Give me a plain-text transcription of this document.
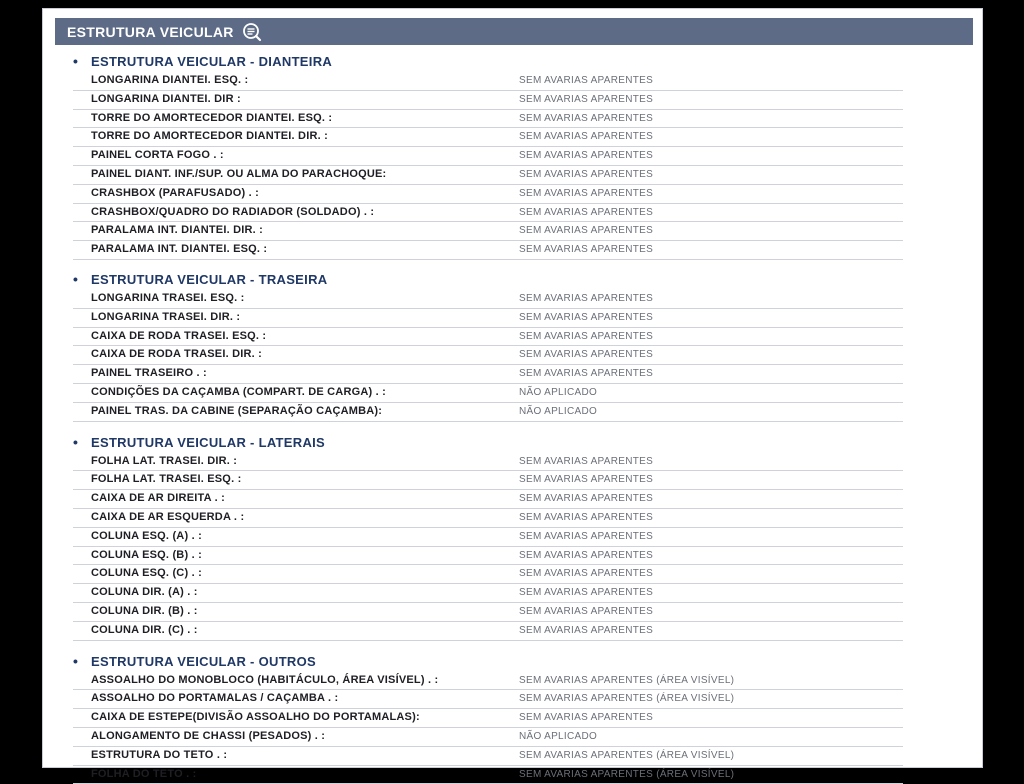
ESTRUTURA VEICULAR
• ESTRUTURA VEICULAR - DIANTEIRA
LONGARINA DIANTEI. ESQ. :	SEM AVARIAS APARENTES
LONGARINA DIANTEI. DIR :	SEM AVARIAS APARENTES
TORRE DO AMORTECEDOR DIANTEI. ESQ. :	SEM AVARIAS APARENTES
TORRE DO AMORTECEDOR DIANTEI. DIR. :	SEM AVARIAS APARENTES
PAINEL CORTA FOGO . :	SEM AVARIAS APARENTES
PAINEL DIANT. INF./SUP. OU ALMA DO PARACHOQUE:	SEM AVARIAS APARENTES
CRASHBOX (PARAFUSADO) . :	SEM AVARIAS APARENTES
CRASHBOX/QUADRO DO RADIADOR (SOLDADO) . :	SEM AVARIAS APARENTES
PARALAMA INT. DIANTEI. DIR. :	SEM AVARIAS APARENTES
PARALAMA INT. DIANTEI. ESQ. :	SEM AVARIAS APARENTES
• ESTRUTURA VEICULAR - TRASEIRA
LONGARINA TRASEI. ESQ. :	SEM AVARIAS APARENTES
LONGARINA TRASEI. DIR. :	SEM AVARIAS APARENTES
CAIXA DE RODA TRASEI. ESQ. :	SEM AVARIAS APARENTES
CAIXA DE RODA TRASEI. DIR. :	SEM AVARIAS APARENTES
PAINEL TRASEIRO . :	SEM AVARIAS APARENTES
CONDIÇÕES DA CAÇAMBA (COMPART. DE CARGA) . :	NÃO APLICADO
PAINEL TRAS. DA CABINE (SEPARAÇÃO CAÇAMBA):	NÃO APLICADO
• ESTRUTURA VEICULAR - LATERAIS
FOLHA LAT. TRASEI. DIR. :	SEM AVARIAS APARENTES
FOLHA LAT. TRASEI. ESQ. :	SEM AVARIAS APARENTES
CAIXA DE AR DIREITA . :	SEM AVARIAS APARENTES
CAIXA DE AR ESQUERDA . :	SEM AVARIAS APARENTES
COLUNA ESQ. (A) . :	SEM AVARIAS APARENTES
COLUNA ESQ. (B) . :	SEM AVARIAS APARENTES
COLUNA ESQ. (C) . :	SEM AVARIAS APARENTES
COLUNA DIR. (A) . :	SEM AVARIAS APARENTES
COLUNA DIR. (B) . :	SEM AVARIAS APARENTES
COLUNA DIR. (C) . :	SEM AVARIAS APARENTES
• ESTRUTURA VEICULAR - OUTROS
ASSOALHO DO MONOBLOCO (HABITÁCULO, ÁREA VISÍVEL) . :	SEM AVARIAS APARENTES (ÁREA VISÍVEL)
ASSOALHO DO PORTAMALAS / CAÇAMBA . :	SEM AVARIAS APARENTES (ÁREA VISÍVEL)
CAIXA DE ESTEPE(DIVISÃO ASSOALHO DO PORTAMALAS):	SEM AVARIAS APARENTES
ALONGAMENTO DE CHASSI (PESADOS) . :	NÃO APLICADO
ESTRUTURA DO TETO . :	SEM AVARIAS APARENTES (ÁREA VISÍVEL)
FOLHA DO TETO . :	SEM AVARIAS APARENTES (ÁREA VISÍVEL)
